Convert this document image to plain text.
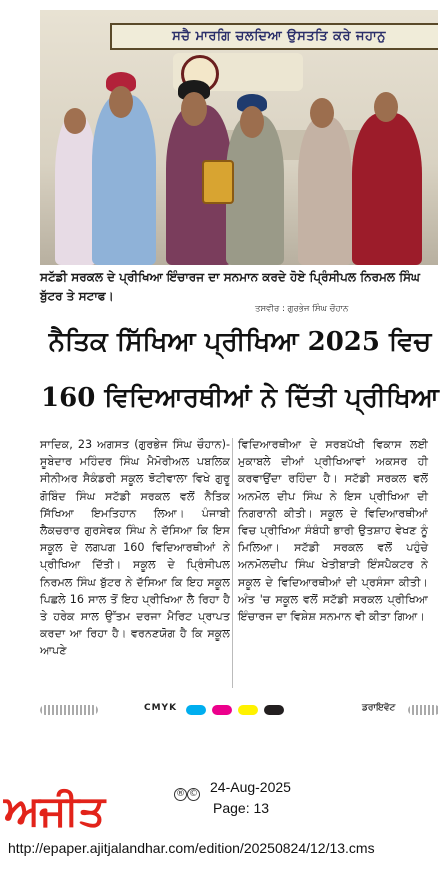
ਸਚੈ ਮਾਰਗਿ ਚਲਦਿਆ ਉਸਤਤਿ ਕਰੇ ਜਹਾਨੁ
ਸਟੱਡੀ ਸਰਕਲ ਦੇ ਪ੍ਰੀਖਿਆ ਇੰਚਾਰਜ ਦਾ ਸਨਮਾਨ ਕਰਦੇ ਹੋਏ ਪ੍ਰਿੰਸੀਪਲ ਨਿਰਮਲ ਸਿੰਘ ਬੁੱਟਰ ਤੇ ਸਟਾਫ।
ਤਸਵੀਰ : ਗੁਰਭੇਜ ਸਿੰਘ ਚੌਹਾਨ
ਨੈਤਿਕ ਸਿੱਖਿਆ ਪ੍ਰੀਖਿਆ 2025 ਵਿਚ
160 ਵਿਦਿਆਰਥੀਆਂ ਨੇ ਦਿੱਤੀ ਪ੍ਰੀਖਿਆ
ਸਾਦਿਕ, 23 ਅਗਸਤ (ਗੁਰਭੇਜ ਸਿੰਘ ਚੌਹਾਨ)-ਸੂਬੇਦਾਰ ਮਹਿੰਦਰ ਸਿੰਘ ਮੈਮੋਰੀਅਲ ਪਬਲਿਕ ਸੀਨੀਅਰ ਸੈਕੰਡਰੀ ਸਕੂਲ ਝੋਟੀਵਾਲਾ ਵਿਖੇ ਗੁਰੂ ਗੋਬਿੰਦ ਸਿੰਘ ਸਟੱਡੀ ਸਰਕਲ ਵਲੋਂ ਨੈਤਿਕ ਸਿੱਖਿਆ ਇਮਤਿਹਾਨ ਲਿਆ। ਪੰਜਾਬੀ ਲੈਕਚਰਾਰ ਗੁਰਸੇਵਕ ਸਿੰਘ ਨੇ ਦੱਸਿਆ ਕਿ ਇਸ ਸਕੂਲ ਦੇ ਲਗਪਗ 160 ਵਿਦਿਆਰਥੀਆਂ ਨੇ ਪ੍ਰੀਖਿਆ ਦਿੱਤੀ। ਸਕੂਲ ਦੇ ਪ੍ਰਿੰਸੀਪਲ ਨਿਰਮਲ ਸਿੰਘ ਬੁੱਟਰ ਨੇ ਦੱਸਿਆ ਕਿ ਇਹ ਸਕੂਲ ਪਿਛਲੇ 16 ਸਾਲ ਤੋਂ ਇਹ ਪ੍ਰੀਖਿਆ ਲੈ ਰਿਹਾ ਹੈ ਤੇ ਹਰੇਕ ਸਾਲ ਉੱਤਮ ਦਰਜਾ ਮੈਰਿਟ ਪ੍ਰਾਪਤ ਕਰਦਾ ਆ ਰਿਹਾ ਹੈ। ਵਰਨਣਯੋਗ ਹੈ ਕਿ ਸਕੂਲ ਆਪਣੇ
ਵਿਦਿਆਰਥੀਆ ਦੇ ਸਰਬਪੱਖੀ ਵਿਕਾਸ ਲਈ ਮੁਕਾਬਲੇ ਦੀਆਂ ਪ੍ਰੀਖਿਆਵਾਂ ਅਕਸਰ ਹੀ ਕਰਵਾਉਂਦਾ ਰਹਿੰਦਾ ਹੈ। ਸਟੱਡੀ ਸਰਕਲ ਵਲੋਂ ਅਨਮੋਲ ਦੀਪ ਸਿੰਘ ਨੇ ਇਸ ਪ੍ਰੀਖਿਆ ਦੀ ਨਿਗਰਾਨੀ ਕੀਤੀ। ਸਕੂਲ ਦੇ ਵਿਦਿਆਰਥੀਆਂ ਵਿਚ ਪ੍ਰੀਖਿਆ ਸੰਬੰਧੀ ਭਾਰੀ ਉਤਸ਼ਾਹ ਵੇਖਣ ਨੂੰ ਮਿਲਿਆ। ਸਟੱਡੀ ਸਰਕਲ ਵਲੋਂ ਪਹੁੰਚੇ ਅਨਮੋਲਦੀਪ ਸਿੰਘ ਖੇਤੀਬਾੜੀ ਇੰਸਪੈਕਟਰ ਨੇ ਸਕੂਲ ਦੇ ਵਿਦਿਆਰਥੀਆਂ ਦੀ ਪ੍ਰਸੰਸਾ ਕੀਤੀ। ਅੰਤ 'ਚ ਸਕੂਲ ਵਲੋਂ ਸਟੱਡੀ ਸਰਕਲ ਪ੍ਰੀਖਿਆ ਇੰਚਾਰਜ ਦਾ ਵਿਸ਼ੇਸ਼ ਸਨਮਾਨ ਵੀ ਕੀਤਾ ਗਿਆ।
CMYK	ਡਰਾਇਵੋਟ
ਅਜੀਤ	® © 24-Aug-2025
Page: 13
http://epaper.ajitjalandhar.com/edition/20250824/12/13.cms
